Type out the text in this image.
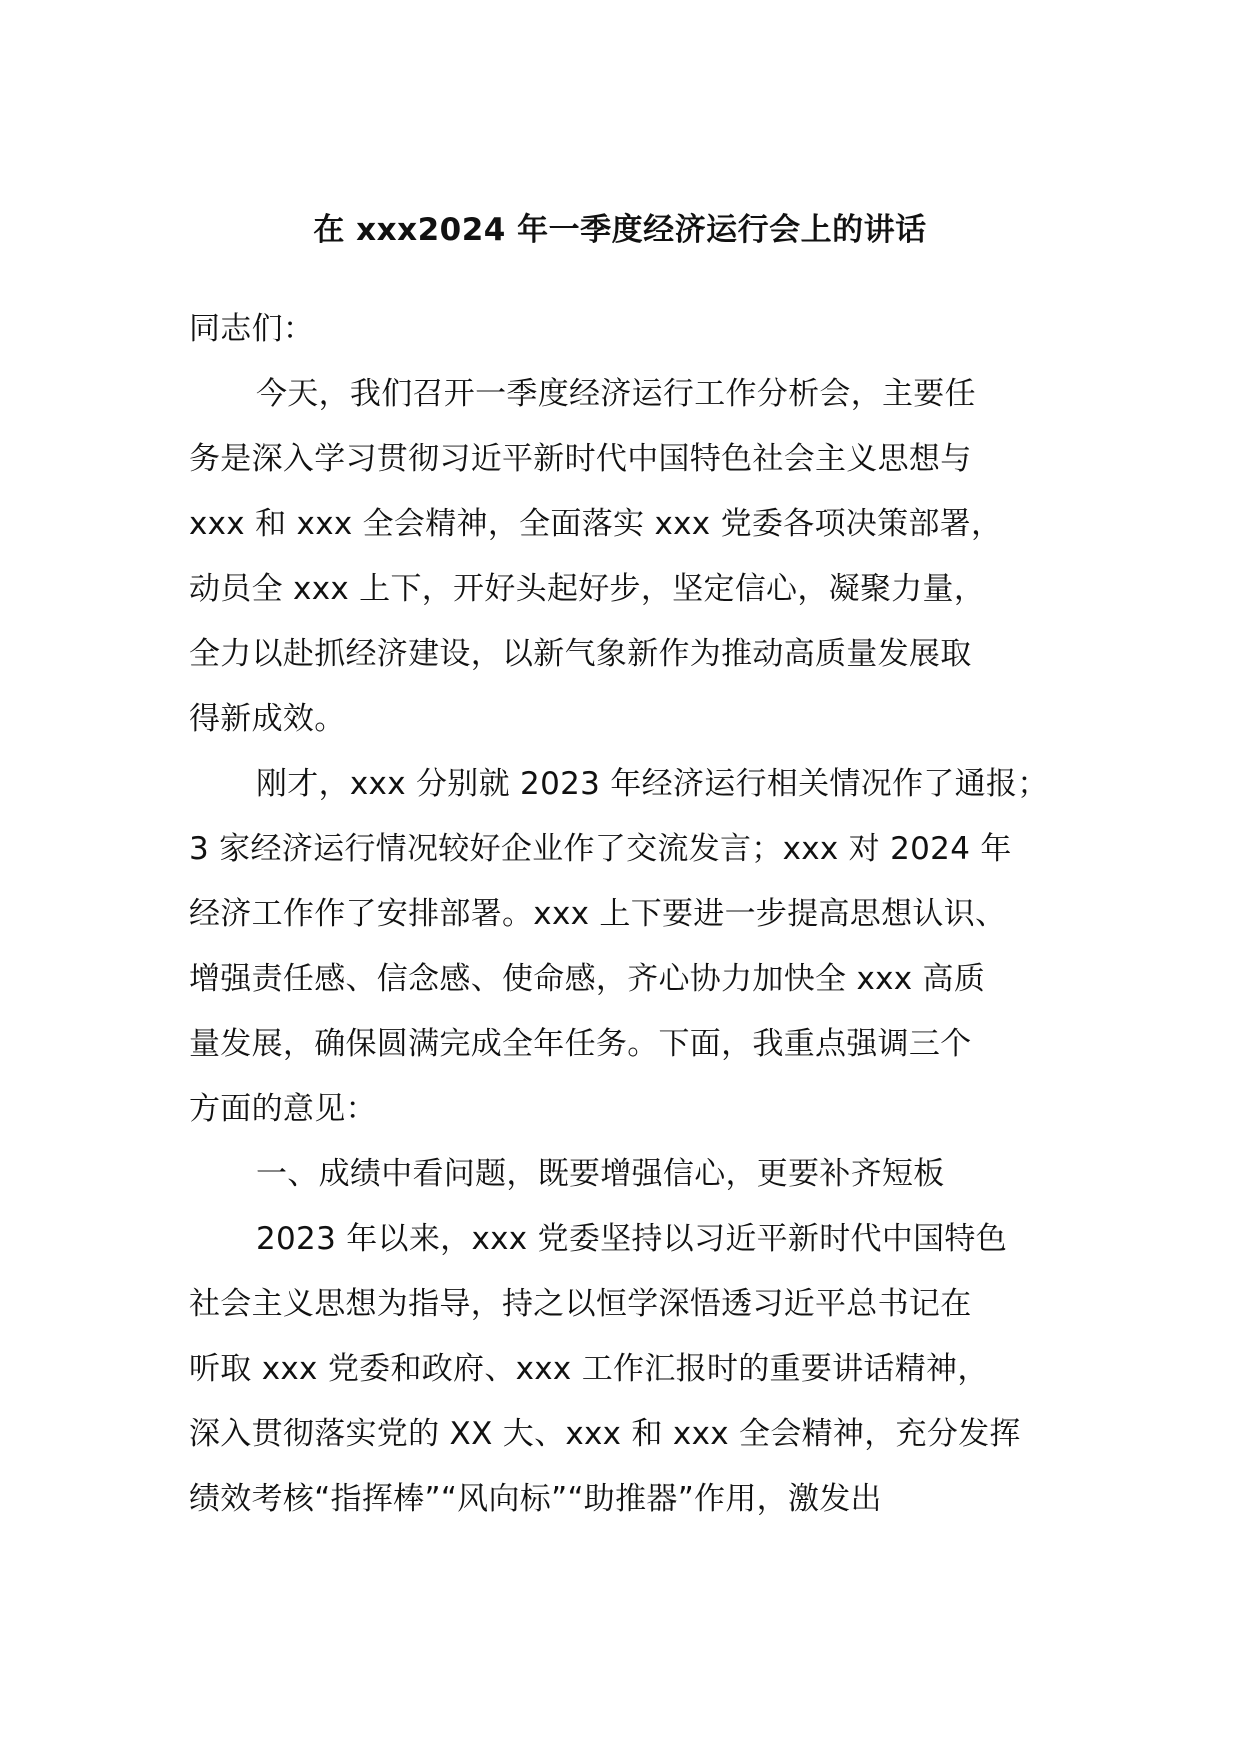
在 xxx2024 年一季度经济运行会上的讲话
同志们：
今天，我们召开一季度经济运行工作分析会，主要任
务是深入学习贯彻习近平新时代中国特色社会主义思想与
xxx 和 xxx 全会精神，全面落实 xxx 党委各项决策部署，
动员全 xxx 上下，开好头起好步，坚定信心，凝聚力量，
全力以赴抓经济建设，以新气象新作为推动高质量发展取
得新成效。
刚才，xxx 分别就 2023 年经济运行相关情况作了通报；
3 家经济运行情况较好企业作了交流发言；xxx 对 2024 年
经济工作作了安排部署。xxx 上下要进一步提高思想认识、
增强责任感、信念感、使命感，齐心协力加快全 xxx 高质
量发展，确保圆满完成全年任务。下面，我重点强调三个
方面的意见：
一、成绩中看问题，既要增强信心，更要补齐短板
2023 年以来，xxx 党委坚持以习近平新时代中国特色
社会主义思想为指导，持之以恒学深悟透习近平总书记在
听取 xxx 党委和政府、xxx 工作汇报时的重要讲话精神，
深入贯彻落实党的 XX 大、xxx 和 xxx 全会精神，充分发挥
绩效考核“指挥棒”“风向标”“助推器”作用，激发出
